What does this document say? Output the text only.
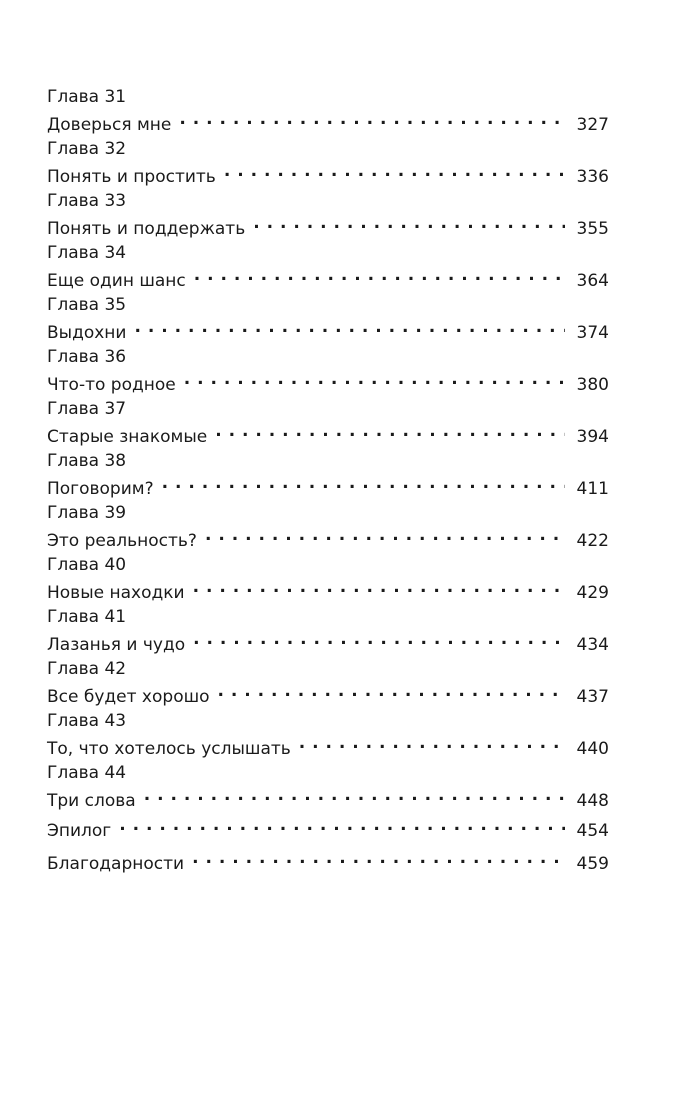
Глава 31
Доверься мне . . .	327
Глава 32
Понять и простить . . .	336
Глава 33
Понять и поддержать . . .	355
Глава 34
Еще один шанс . . .	364
Глава 35
Выдохни . . .	374
Глава 36
Что-то родное . . .	380
Глава 37
Старые знакомые . . .	394
Глава 38
Поговорим? . . .	411
Глава 39
Это реальность? . . .	422
Глава 40
Новые находки . . .	429
Глава 41
Лазанья и чудо . . .	434
Глава 42
Все будет хорошо . . .	437
Глава 43
То, что хотелось услышать . . .	440
Глава 44
Три слова . . .	448
Эпилог . . .	454
Благодарности . . .	459
